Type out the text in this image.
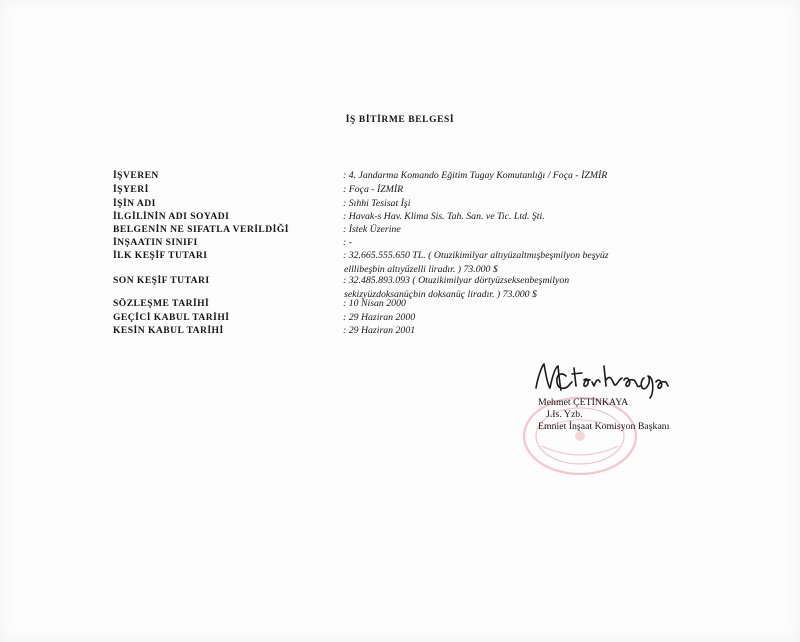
İŞ BİTİRME BELGESİ
İŞVEREN	: 4. Jandarma Komando Eğitim Tugay Komutanlığı / Foça - İZMİR
İŞYERİ	: Foça - İZMİR
İŞİN ADI	: Sıhhi Tesisat İşi
İLGİLİNİN ADI SOYADI	: Havak-s Hav. Klima Sis. Tah. San. ve Tic. Ltd. Şti.
BELGENİN NE SIFATLA VERİLDİĞİ	: İstek Üzerine
İNŞAATIN SINIFI	: -
İLK KEŞİF TUTARI	: 32.665.555.650 TL. ( Otuzikimilyar altıyüzaltmışbeşmilyon beşyüz
elllibeşbin altıyüzelli liradır. ) 73.000 $
SON KEŞİF TUTARI	: 32.485.893.093 ( Otuzikimilyar dörtyüzseksenbeşmilyon
sekizyüzdoksanüçbin doksanüç liradır. ) 73.000 $
SÖZLEŞME TARİHİ	: 10 Nisan 2000
GEÇİCİ KABUL TARİHİ	: 29 Haziran 2000
KESİN KABUL TARİHİ	: 29 Haziran 2001
Mehmet ÇETİNKAYA
J.Is. Yzb.
Emniet İnşaat Komisyon Başkanı
